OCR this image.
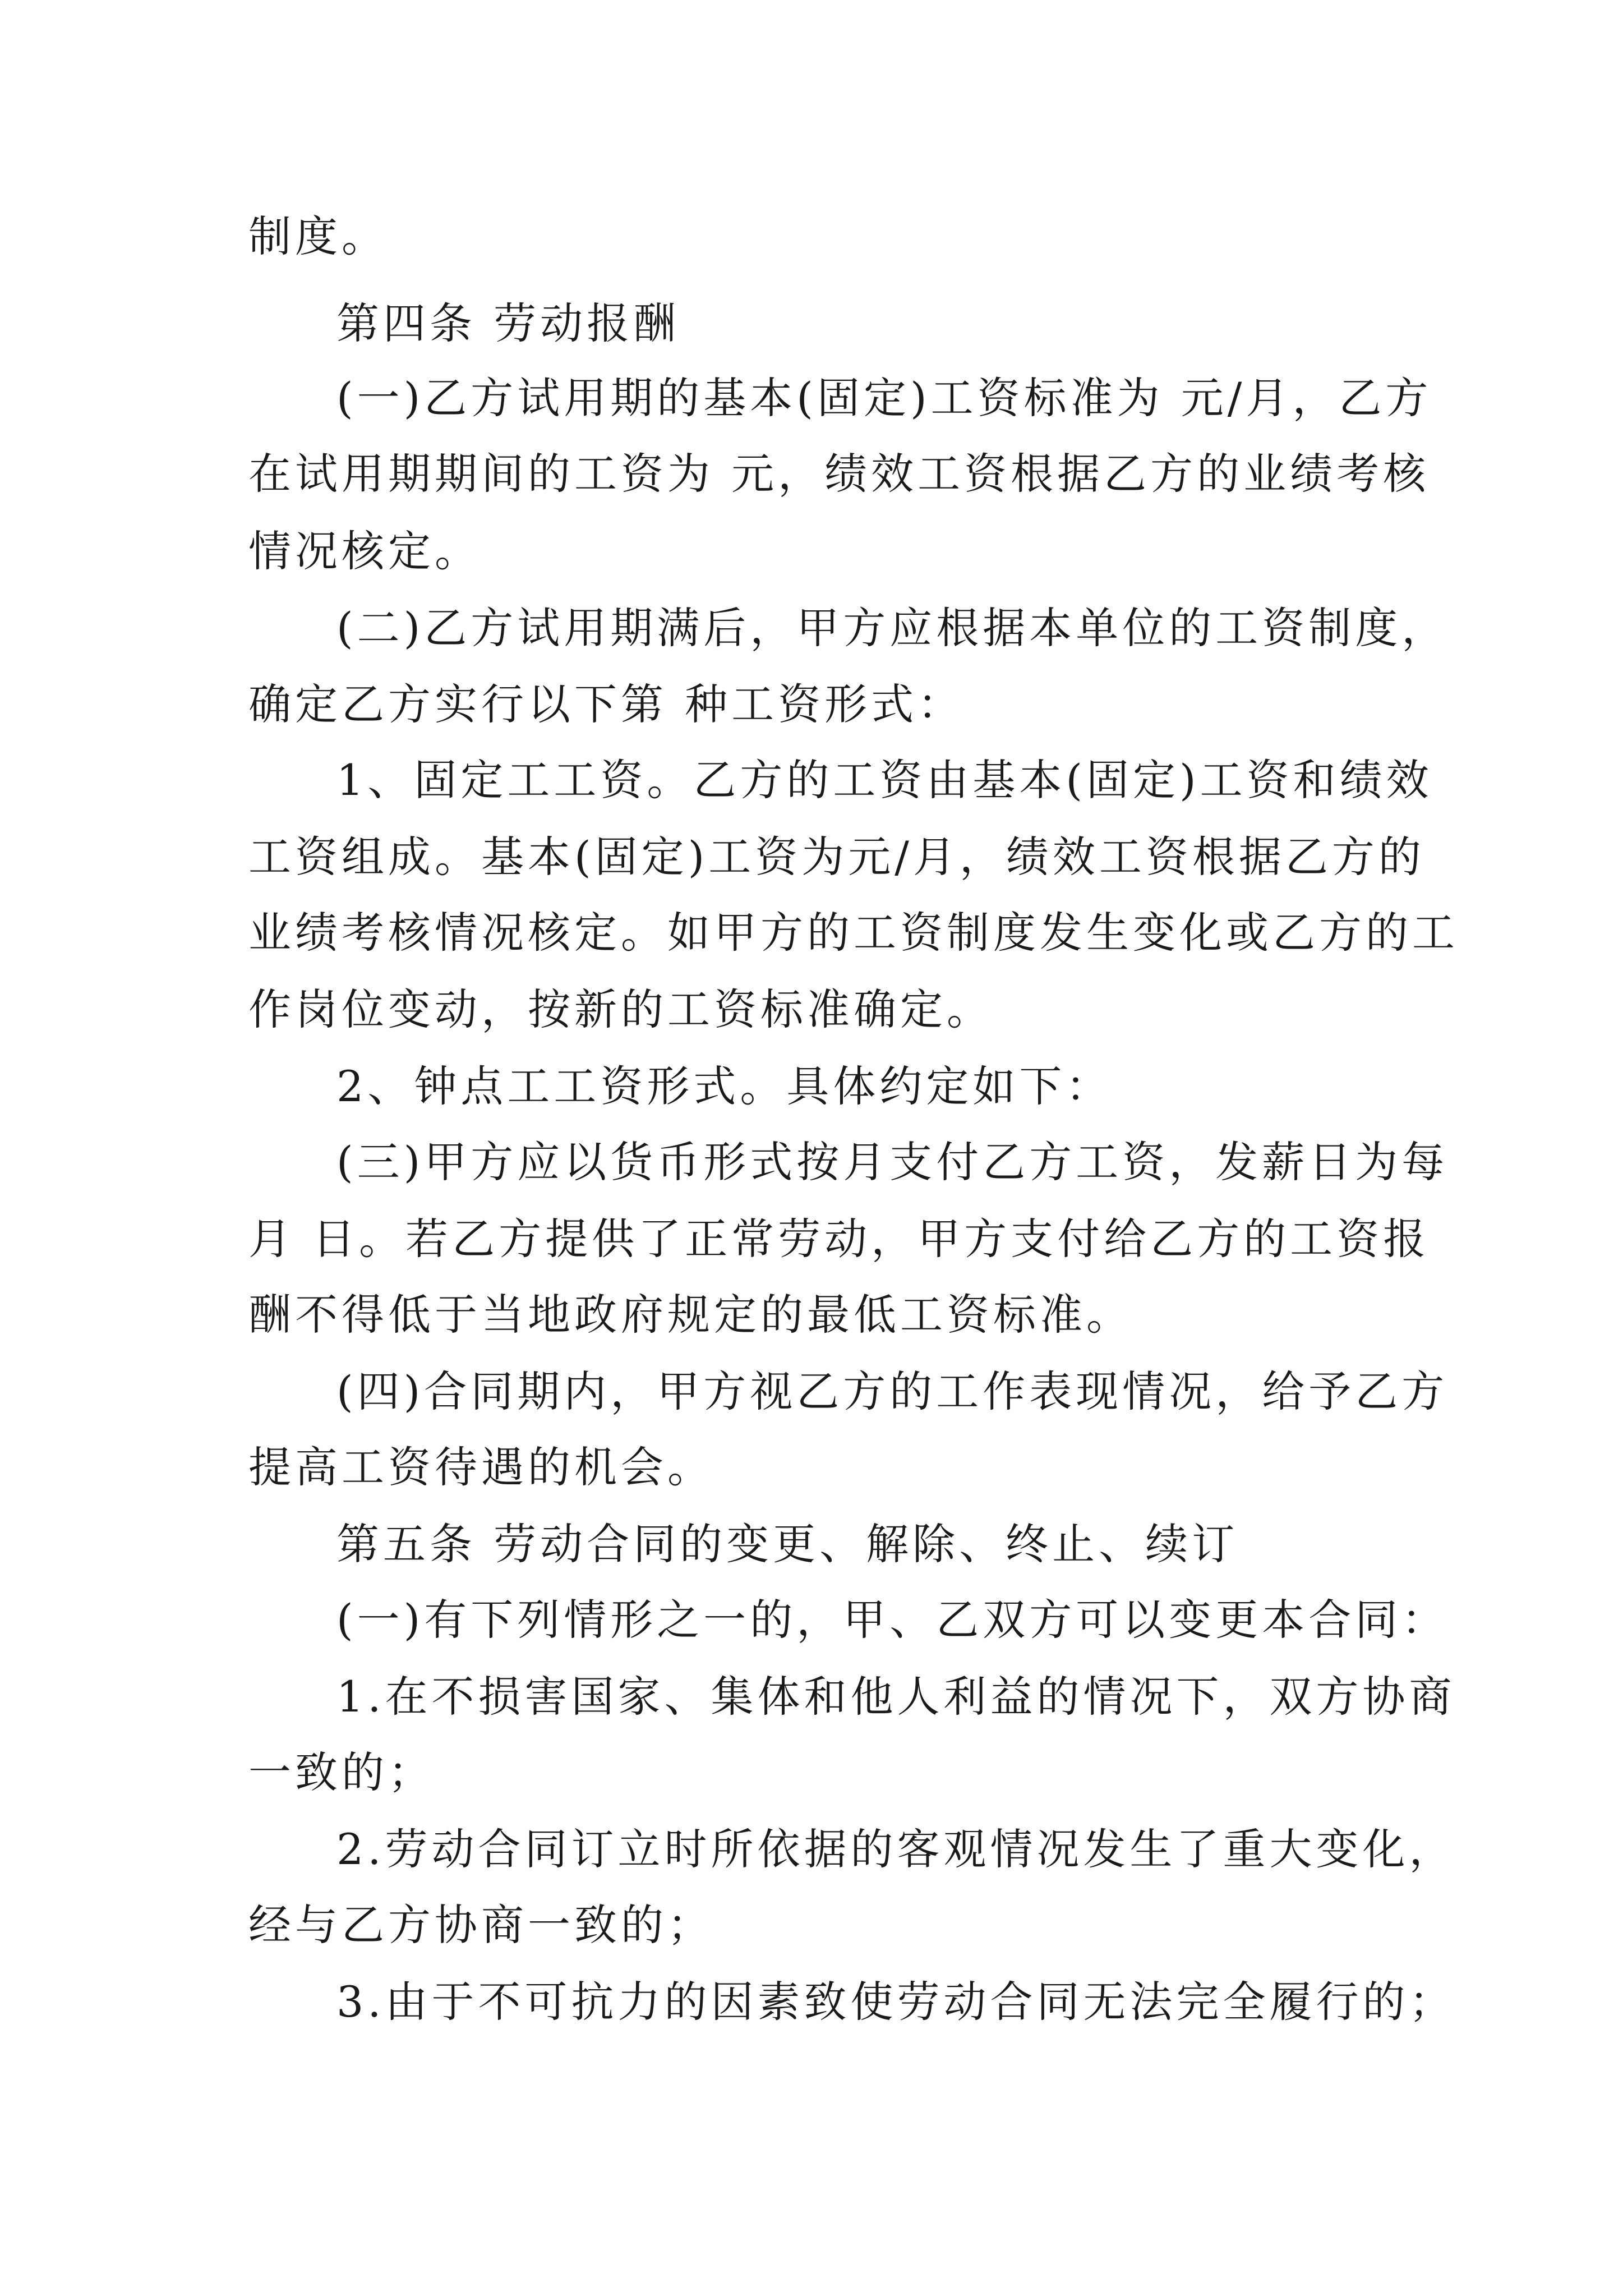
制度。

第四条 劳动报酬

(一)乙方试用期的基本(固定)工资标准为 元/月，乙方

在试用期期间的工资为 元，绩效工资根据乙方的业绩考核

情况核定。

(二)乙方试用期满后，甲方应根据本单位的工资制度，

确定乙方实行以下第 种工资形式：

1、固定工工资。乙方的工资由基本(固定)工资和绩效

工资组成。基本(固定)工资为元/月，绩效工资根据乙方的

业绩考核情况核定。如甲方的工资制度发生变化或乙方的工

作岗位变动，按新的工资标准确定。

2、钟点工工资形式。具体约定如下：

(三)甲方应以货币形式按月支付乙方工资，发薪日为每

月 日。若乙方提供了正常劳动，甲方支付给乙方的工资报

酬不得低于当地政府规定的最低工资标准。

(四)合同期内，甲方视乙方的工作表现情况，给予乙方

提高工资待遇的机会。

第五条 劳动合同的变更、解除、终止、续订

(一)有下列情形之一的，甲、乙双方可以变更本合同：

1.在不损害国家、集体和他人利益的情况下，双方协商

一致的；

2.劳动合同订立时所依据的客观情况发生了重大变化，

经与乙方协商一致的；

3.由于不可抗力的因素致使劳动合同无法完全履行的；
